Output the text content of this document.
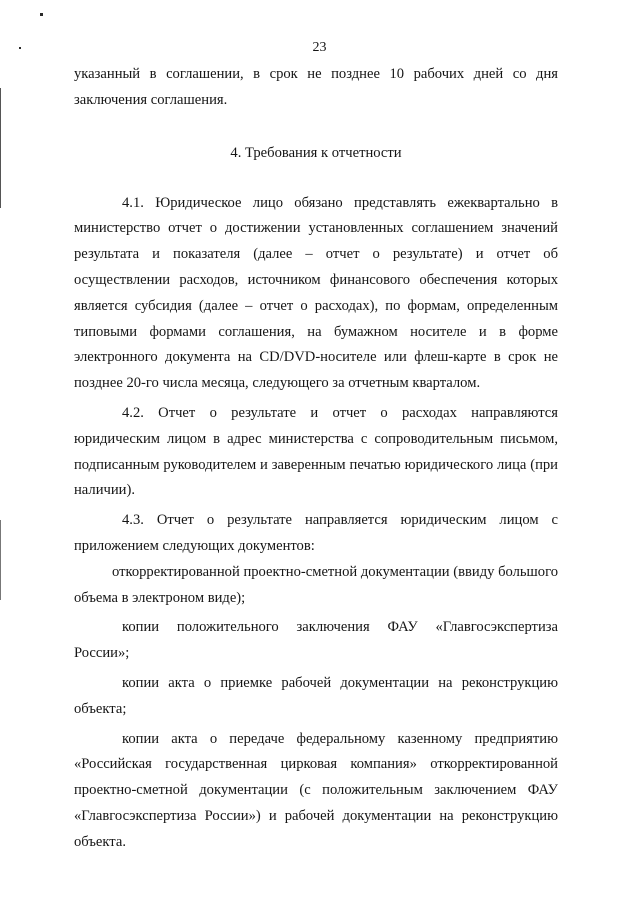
23

указанный в соглашении, в срок не позднее 10 рабочих дней со дня заключения соглашения.

4. Требования к отчетности

4.1. Юридическое лицо обязано представлять ежеквартально в министерство отчет о достижении установленных соглашением значений результата и показателя (далее – отчет о результате) и отчет об осуществлении расходов, источником финансового обеспечения которых является субсидия (далее – отчет о расходах), по формам, определенным типовыми формами соглашения, на бумажном носителе и в форме электронного документа на CD/DVD-носителе или флеш-карте в срок не позднее 20-го числа месяца, следующего за отчетным кварталом.

4.2. Отчет о результате и отчет о расходах направляются юридическим лицом в адрес министерства с сопроводительным письмом, подписанным руководителем и заверенным печатью юридического лица (при наличии).

4.3. Отчет о результате направляется юридическим лицом с приложением следующих документов:

откорректированной проектно-сметной документации (ввиду большого объема в электроном виде);

копии положительного заключения ФАУ «Главгосэкспертиза России»;

копии акта о приемке рабочей документации на реконструкцию объекта;

копии акта о передаче федеральному казенному предприятию «Российская государственная цирковая компания» откорректированной проектно-сметной документации (с положительным заключением ФАУ «Главгосэкспертиза России») и рабочей документации на реконструкцию объекта.
